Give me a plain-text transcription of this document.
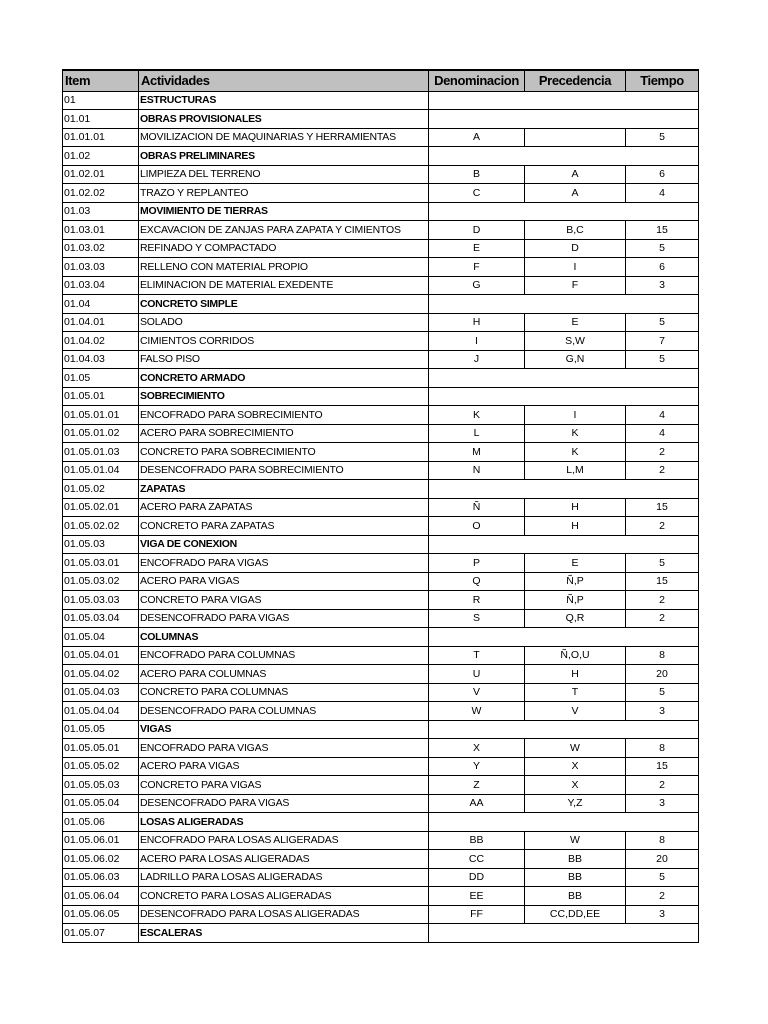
Item	Actividades	Denominacion	Precedencia	Tiempo
01	ESTRUCTURAS			
01.01	OBRAS PROVISIONALES			
01.01.01	MOVILIZACION DE MAQUINARIAS Y HERRAMIENTAS	A		5
01.02	OBRAS PRELIMINARES			
01.02.01	LIMPIEZA DEL TERRENO	B	A	6
01.02.02	TRAZO Y REPLANTEO	C	A	4
01.03	MOVIMIENTO DE TIERRAS			
01.03.01	EXCAVACION DE ZANJAS PARA ZAPATA Y CIMIENTOS	D	B,C	15
01.03.02	REFINADO Y COMPACTADO	E	D	5
01.03.03	RELLENO CON MATERIAL PROPIO	F	I	6
01.03.04	ELIMINACION DE MATERIAL EXEDENTE	G	F	3
01.04	CONCRETO SIMPLE			
01.04.01	SOLADO	H	E	5
01.04.02	CIMIENTOS CORRIDOS	I	S,W	7
01.04.03	FALSO PISO	J	G,N	5
01.05	CONCRETO ARMADO			
01.05.01	SOBRECIMIENTO			
01.05.01.01	ENCOFRADO PARA SOBRECIMIENTO	K	I	4
01.05.01.02	ACERO PARA SOBRECIMIENTO	L	K	4
01.05.01.03	CONCRETO PARA SOBRECIMIENTO	M	K	2
01.05.01.04	DESENCOFRADO PARA SOBRECIMIENTO	N	L,M	2
01.05.02	ZAPATAS			
01.05.02.01	ACERO PARA ZAPATAS	Ñ	H	15
01.05.02.02	CONCRETO PARA ZAPATAS	O	H	2
01.05.03	VIGA DE CONEXION			
01.05.03.01	ENCOFRADO PARA VIGAS	P	E	5
01.05.03.02	ACERO PARA VIGAS	Q	Ñ,P	15
01.05.03.03	CONCRETO PARA VIGAS	R	Ñ,P	2
01.05.03.04	DESENCOFRADO PARA VIGAS	S	Q,R	2
01.05.04	COLUMNAS			
01.05.04.01	ENCOFRADO PARA COLUMNAS	T	Ñ,O,U	8
01.05.04.02	ACERO PARA COLUMNAS	U	H	20
01.05.04.03	CONCRETO PARA COLUMNAS	V	T	5
01.05.04.04	DESENCOFRADO PARA COLUMNAS	W	V	3
01.05.05	VIGAS			
01.05.05.01	ENCOFRADO PARA VIGAS	X	W	8
01.05.05.02	ACERO PARA VIGAS	Y	X	15
01.05.05.03	CONCRETO PARA VIGAS	Z	X	2
01.05.05.04	DESENCOFRADO PARA VIGAS	AA	Y,Z	3
01.05.06	LOSAS ALIGERADAS			
01.05.06.01	ENCOFRADO PARA LOSAS ALIGERADAS	BB	W	8
01.05.06.02	ACERO PARA LOSAS ALIGERADAS	CC	BB	20
01.05.06.03	LADRILLO PARA LOSAS ALIGERADAS	DD	BB	5
01.05.06.04	CONCRETO PARA LOSAS ALIGERADAS	EE	BB	2
01.05.06.05	DESENCOFRADO PARA LOSAS ALIGERADAS	FF	CC,DD,EE	3
01.05.07	ESCALERAS			
